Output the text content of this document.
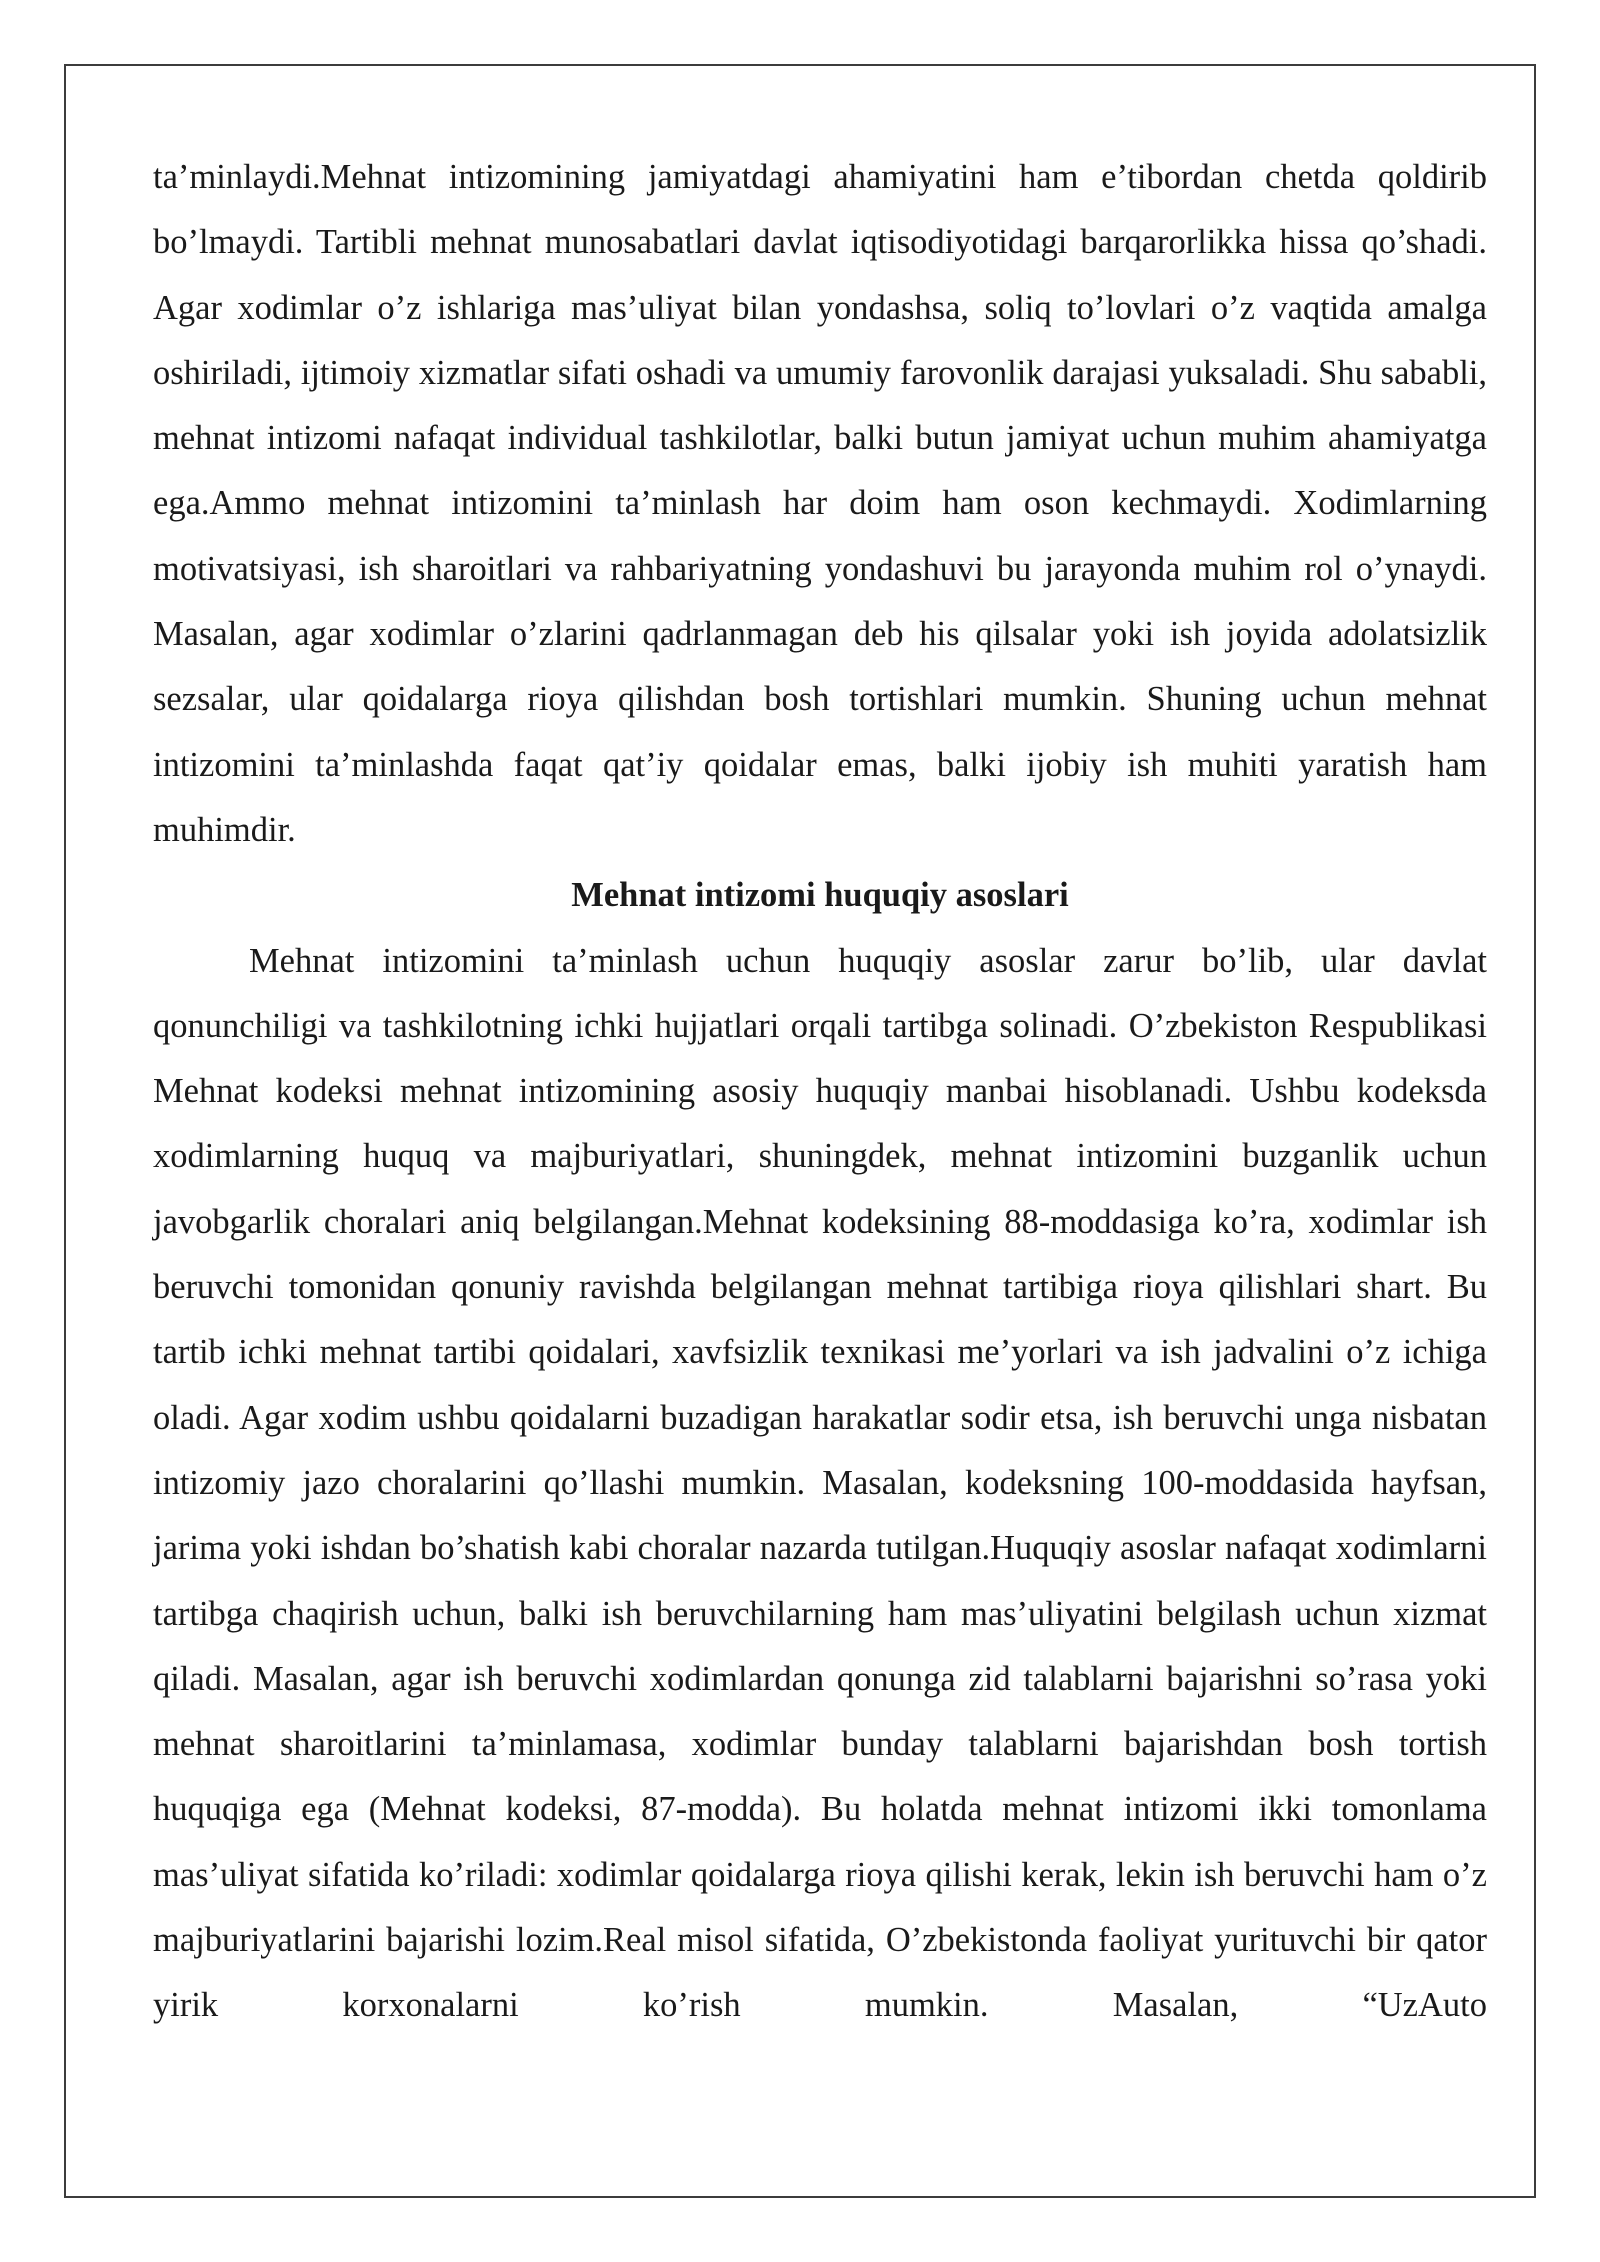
ta’minlaydi.Mehnat intizomining jamiyatdagi ahamiyatini ham e’tibordan chetda qoldirib bo’lmaydi. Tartibli mehnat munosabatlari davlat iqtisodiyotidagi barqarorlikka hissa qo’shadi. Agar xodimlar o’z ishlariga mas’uliyat bilan yondashsa, soliq to’lovlari o’z vaqtida amalga oshiriladi, ijtimoiy xizmatlar sifati oshadi va umumiy farovonlik darajasi yuksaladi. Shu sababli, mehnat intizomi nafaqat individual tashkilotlar, balki butun jamiyat uchun muhim ahamiyatga ega.Ammo mehnat intizomini ta’minlash har doim ham oson kechmaydi. Xodimlarning motivatsiyasi, ish sharoitlari va rahbariyatning yondashuvi bu jarayonda muhim rol o’ynaydi. Masalan, agar xodimlar o’zlarini qadrlanmagan deb his qilsalar yoki ish joyida adolatsizlik sezsalar, ular qoidalarga rioya qilishdan bosh tortishlari mumkin. Shuning uchun mehnat intizomini ta’minlashda faqat qat’iy qoidalar emas, balki ijobiy ish muhiti yaratish ham muhimdir.

Mehnat intizomi huquqiy asoslari

Mehnat intizomini ta’minlash uchun huquqiy asoslar zarur bo’lib, ular davlat qonunchiligi va tashkilotning ichki hujjatlari orqali tartibga solinadi. O’zbekiston Respublikasi Mehnat kodeksi mehnat intizomining asosiy huquqiy manbai hisoblanadi. Ushbu kodeksda xodimlarning huquq va majburiyatlari, shuningdek, mehnat intizomini buzganlik uchun javobgarlik choralari aniq belgilangan.Mehnat kodeksining 88-moddasiga ko’ra, xodimlar ish beruvchi tomonidan qonuniy ravishda belgilangan mehnat tartibiga rioya qilishlari shart. Bu tartib ichki mehnat tartibi qoidalari, xavfsizlik texnikasi me’yorlari va ish jadvalini o’z ichiga oladi. Agar xodim ushbu qoidalarni buzadigan harakatlar sodir etsa, ish beruvchi unga nisbatan intizomiy jazo choralarini qo’llashi mumkin. Masalan, kodeksning 100-moddasida hayfsan, jarima yoki ishdan bo’shatish kabi choralar nazarda tutilgan.Huquqiy asoslar nafaqat xodimlarni tartibga chaqirish uchun, balki ish beruvchilarning ham mas’uliyatini belgilash uchun xizmat qiladi. Masalan, agar ish beruvchi xodimlardan qonunga zid talablarni bajarishni so’rasa yoki mehnat sharoitlarini ta’minlamasa, xodimlar bunday talablarni bajarishdan bosh tortish huquqiga ega (Mehnat kodeksi, 87-modda). Bu holatda mehnat intizomi ikki tomonlama mas’uliyat sifatida ko’riladi: xodimlar qoidalarga rioya qilishi kerak, lekin ish beruvchi ham o’z majburiyatlarini bajarishi lozim.Real misol sifatida, O’zbekistonda faoliyat yurituvchi bir qator yirik korxonalarni ko’rish mumkin. Masalan, “UzAuto
